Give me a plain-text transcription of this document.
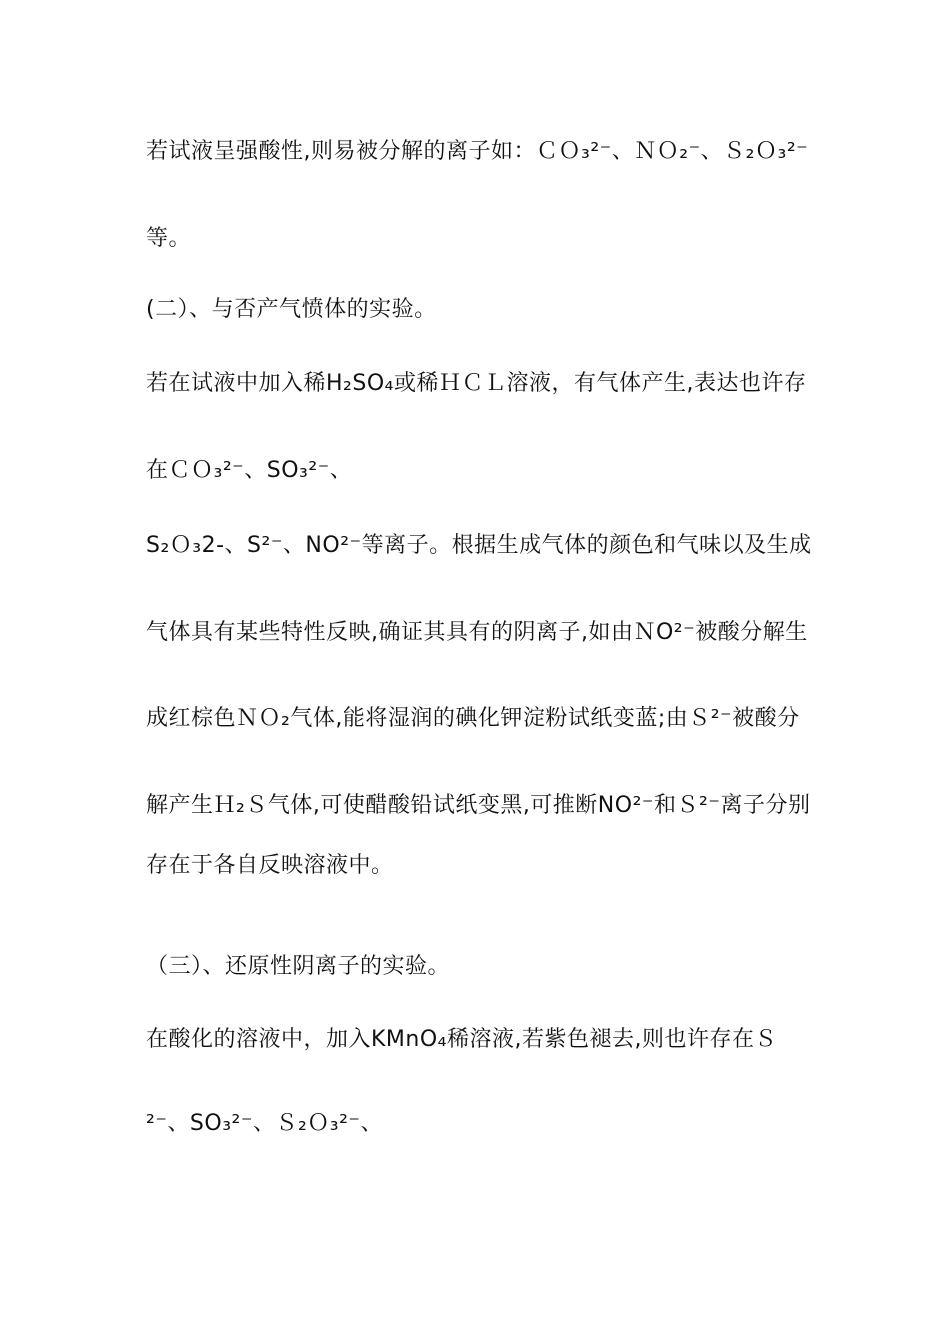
若试液呈强酸性,则易被分解的离子如：ＣＯ₃²⁻、ＮＯ₂⁻、Ｓ₂Ｏ₃²⁻
等。
(二）、与否产气愤体的实验。
若在试液中加入稀H₂SO₄或稀ＨＣＬ溶液，有气体产生,表达也许存
在ＣＯ₃²⁻、SO₃²⁻、
S₂Ｏ₃2-、S²⁻、NO²⁻等离子。根据生成气体的颜色和气味以及生成
气体具有某些特性反映,确证其具有的阴离子,如由ＮO²⁻被酸分解生
成红棕色ＮＯ₂气体,能将湿润的碘化钾淀粉试纸变蓝;由Ｓ²⁻被酸分
解产生Ｈ₂Ｓ气体,可使醋酸铅试纸变黑,可推断NO²⁻和Ｓ²⁻离子分别
存在于各自反映溶液中。
（三）、还原性阴离子的实验。
在酸化的溶液中，加入KMnO₄稀溶液,若紫色褪去,则也许存在Ｓ
²⁻、SO₃²⁻、Ｓ₂Ｏ₃²⁻、
